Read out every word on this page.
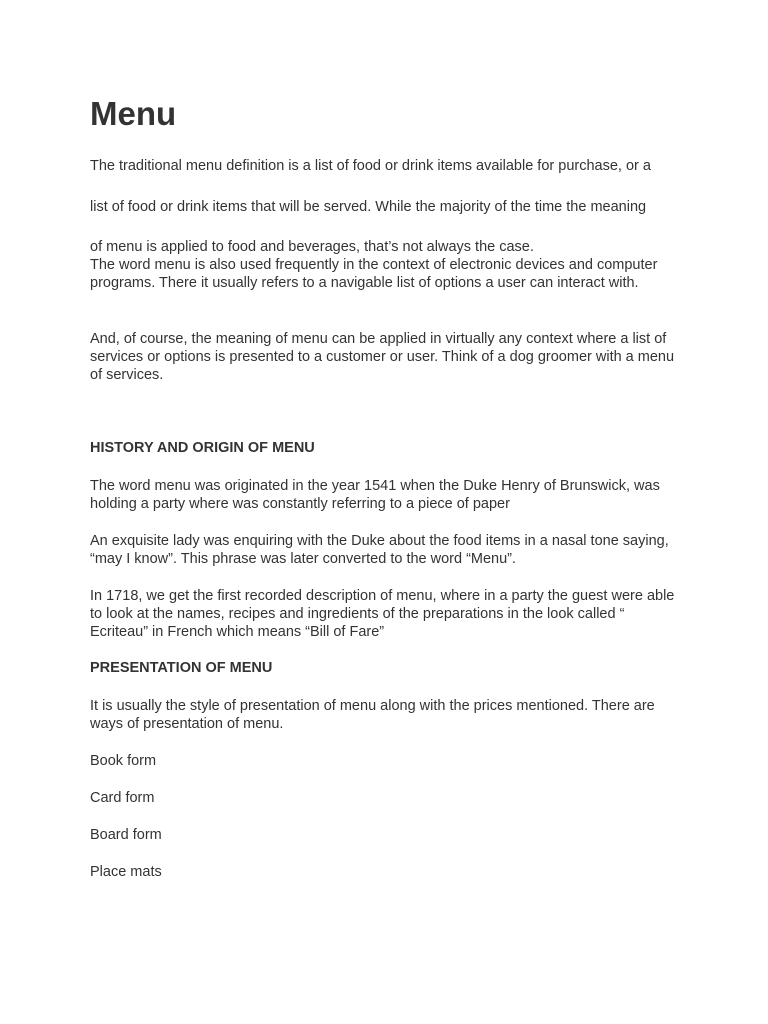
Menu

The traditional menu definition is a list of food or drink items available for purchase, or a

list of food or drink items that will be served. While the majority of the time the meaning

of menu is applied to food and beverages, that’s not always the case.

The word menu is also used frequently in the context of electronic devices and computer programs. There it usually refers to a navigable list of options a user can interact with.

And, of course, the meaning of menu can be applied in virtually any context where a list of services or options is presented to a customer or user. Think of a dog groomer with a menu of services.

HISTORY AND ORIGIN OF MENU

The word menu was originated in the year 1541 when the Duke Henry of Brunswick, was holding a party where was constantly referring to a piece of paper

An exquisite lady was enquiring with the Duke about the food items in a nasal tone saying, “may I know”. This phrase was later converted to the word “Menu”.

In 1718, we get the first recorded description of menu, where in a party the guest were able to look at the names, recipes and ingredients of the preparations in the look called “ Ecriteau” in French which means “Bill of Fare”

PRESENTATION OF MENU

It is usually the style of presentation of menu along with the prices mentioned. There are ways of presentation of menu.

Book form

Card form

Board form

Place mats
